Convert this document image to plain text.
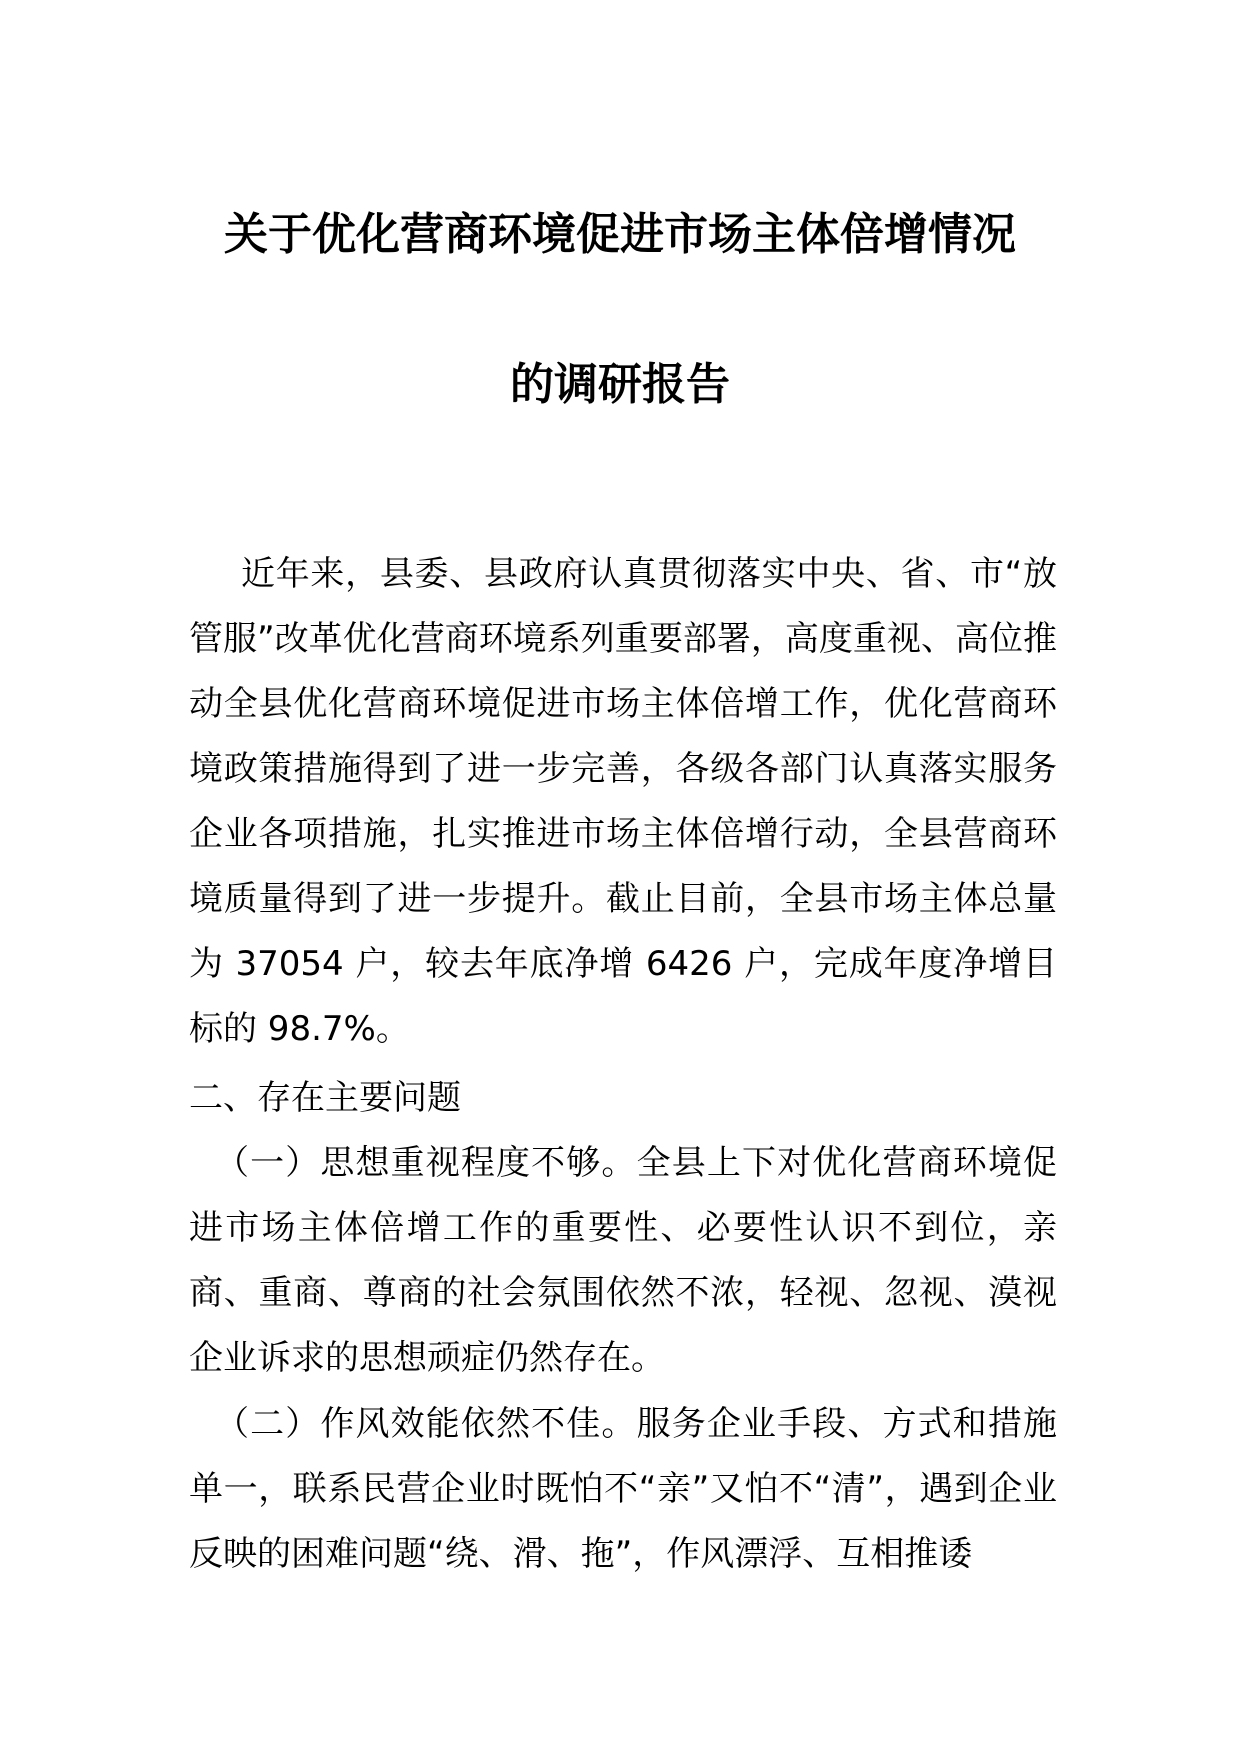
关于优化营商环境促进市场主体倍增情况
的调研报告

近年来，县委、县政府认真贯彻落实中央、省、市“放管服”改革优化营商环境系列重要部署，高度重视、高位推动全县优化营商环境促进市场主体倍增工作，优化营商环境政策措施得到了进一步完善，各级各部门认真落实服务企业各项措施，扎实推进市场主体倍增行动，全县营商环境质量得到了进一步提升。截止目前，全县市场主体总量为 37054 户，较去年底净增 6426 户，完成年度净增目标的 98.7%。

二、存在主要问题

（一）思想重视程度不够。全县上下对优化营商环境促进市场主体倍增工作的重要性、必要性认识不到位，亲商、重商、尊商的社会氛围依然不浓，轻视、忽视、漠视企业诉求的思想顽症仍然存在。

（二）作风效能依然不佳。服务企业手段、方式和措施单一，联系民营企业时既怕不“亲”又怕不“清”，遇到企业反映的困难问题“绕、滑、拖”，作风漂浮、互相推诿
